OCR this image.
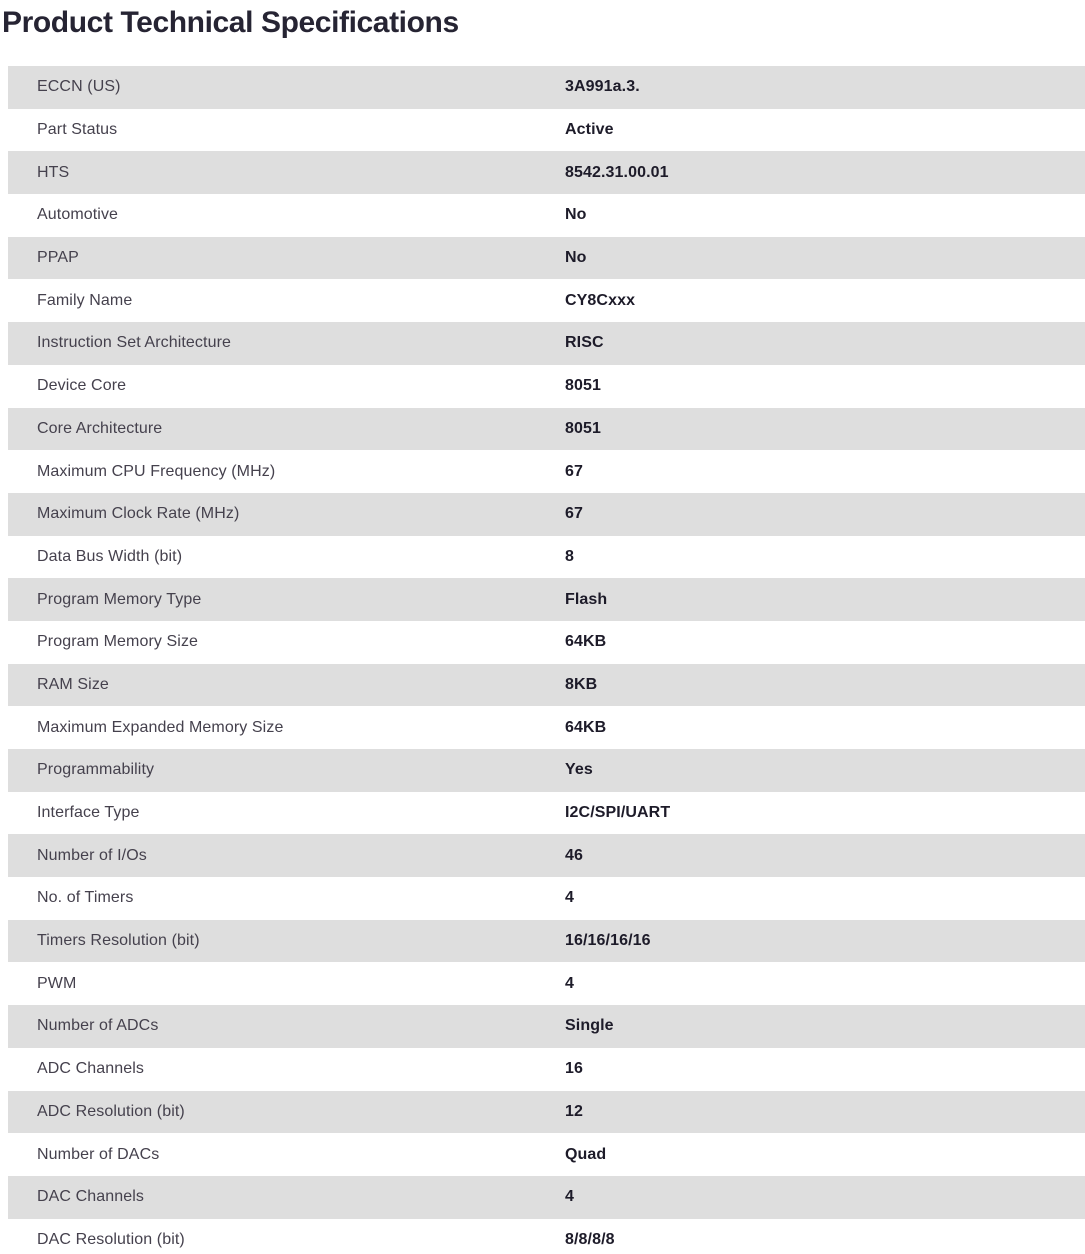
Product Technical Specifications
ECCN (US)	3A991a.3.
Part Status	Active
HTS	8542.31.00.01
Automotive	No
PPAP	No
Family Name	CY8Cxxx
Instruction Set Architecture	RISC
Device Core	8051
Core Architecture	8051
Maximum CPU Frequency (MHz)	67
Maximum Clock Rate (MHz)	67
Data Bus Width (bit)	8
Program Memory Type	Flash
Program Memory Size	64KB
RAM Size	8KB
Maximum Expanded Memory Size	64KB
Programmability	Yes
Interface Type	I2C/SPI/UART
Number of I/Os	46
No. of Timers	4
Timers Resolution (bit)	16/16/16/16
PWM	4
Number of ADCs	Single
ADC Channels	16
ADC Resolution (bit)	12
Number of DACs	Quad
DAC Channels	4
DAC Resolution (bit)	8/8/8/8
